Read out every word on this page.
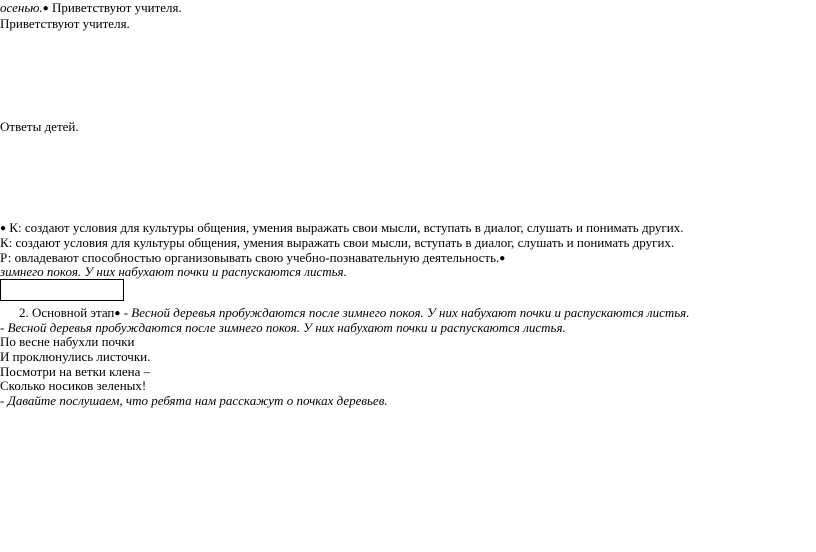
осенью.● Приветствуют учителя.
Приветствуют учителя.
Ответы детей.
● К: создают условия для культуры общения, умения выражать свои мысли, вступать в диалог, слушать и понимать других.
К: создают условия для культуры общения, умения выражать свои мысли, вступать в диалог, слушать и понимать других.
Р: овладевают способностью организовывать свою учебно-познавательную деятельность.●
зимнего покоя. У них набухают почки и распускаются листья.
2. Основной этап● - Весной деревья пробуждаются после зимнего покоя. У них набухают почки и распускаются листья.
- Весной деревья пробуждаются после зимнего покоя. У них набухают почки и распускаются листья.
По весне набухли почки
И проклюнулись листочки.
Посмотри на ветки клена –
Сколько носиков зеленых!
- Давайте послушаем, что ребята нам расскажут о почках деревьев.
